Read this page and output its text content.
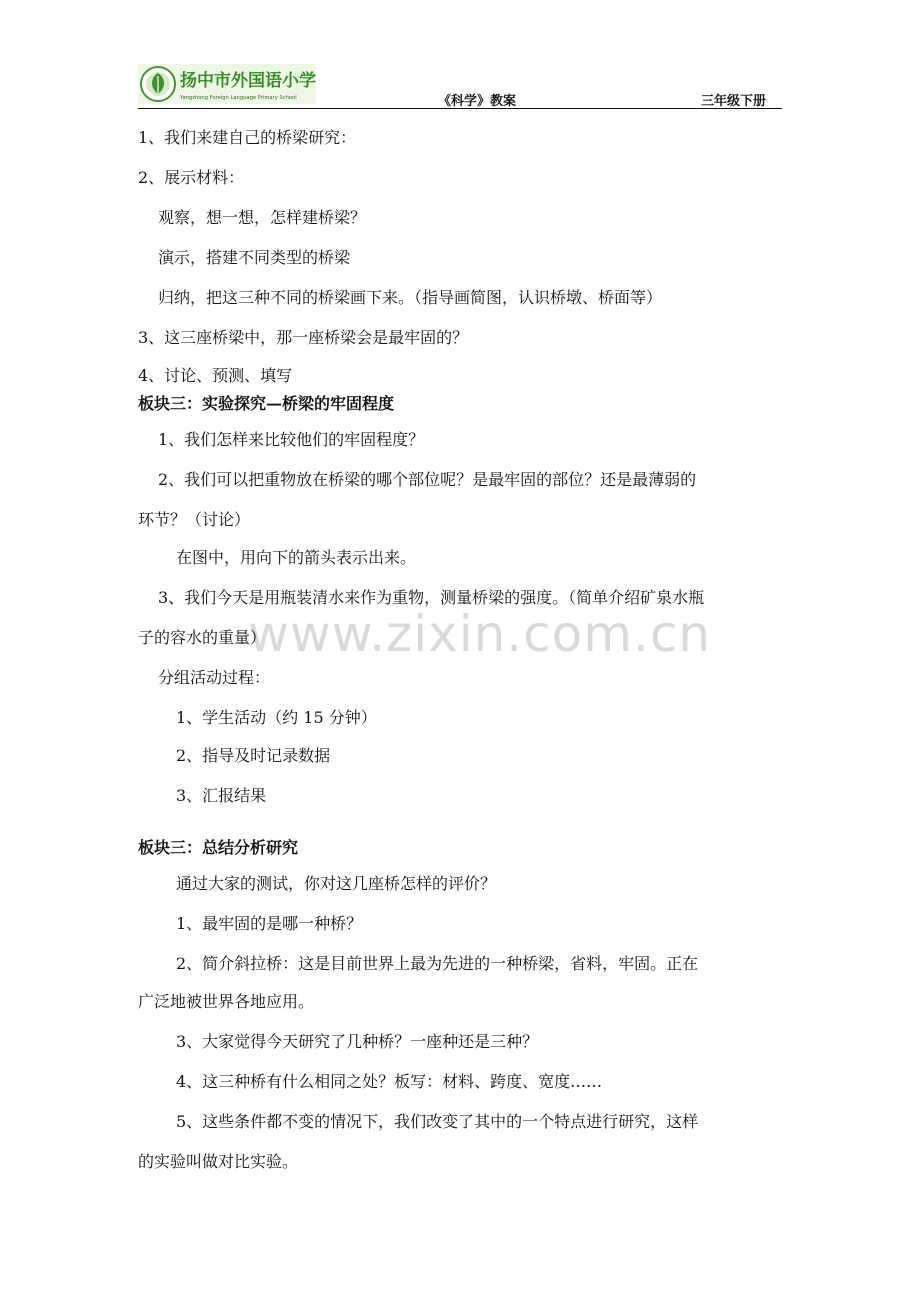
扬中市外国语小学
Yangzhong Foreign Language Primary School	《科学》教案	三年级下册
www.zixin.com.cn
1、我们来建自己的桥梁研究：
2、展示材料：
观察，想一想，怎样建桥梁？
演示，搭建不同类型的桥梁
归纳，把这三种不同的桥梁画下来。（指导画简图，认识桥墩、桥面等）
3、这三座桥梁中，那一座桥梁会是最牢固的？
4、讨论、预测、填写
板块三：实验探究—桥梁的牢固程度
1、我们怎样来比较他们的牢固程度？
2、我们可以把重物放在桥梁的哪个部位呢？是最牢固的部位？还是最薄弱的
环节？（讨论）
在图中，用向下的箭头表示出来。
3、我们今天是用瓶装清水来作为重物，测量桥梁的强度。（简单介绍矿泉水瓶
子的容水的重量）
分组活动过程：
1、学生活动（约 15 分钟）
2、指导及时记录数据
3、汇报结果
板块三：总结分析研究
通过大家的测试，你对这几座桥怎样的评价？
1、最牢固的是哪一种桥？
2、简介斜拉桥：这是目前世界上最为先进的一种桥梁，省料，牢固。正在
广泛地被世界各地应用。
3、大家觉得今天研究了几种桥？一座种还是三种？
4、这三种桥有什么相同之处？板写：材料、跨度、宽度……
5、这些条件都不变的情况下，我们改变了其中的一个特点进行研究，这样
的实验叫做对比实验。
